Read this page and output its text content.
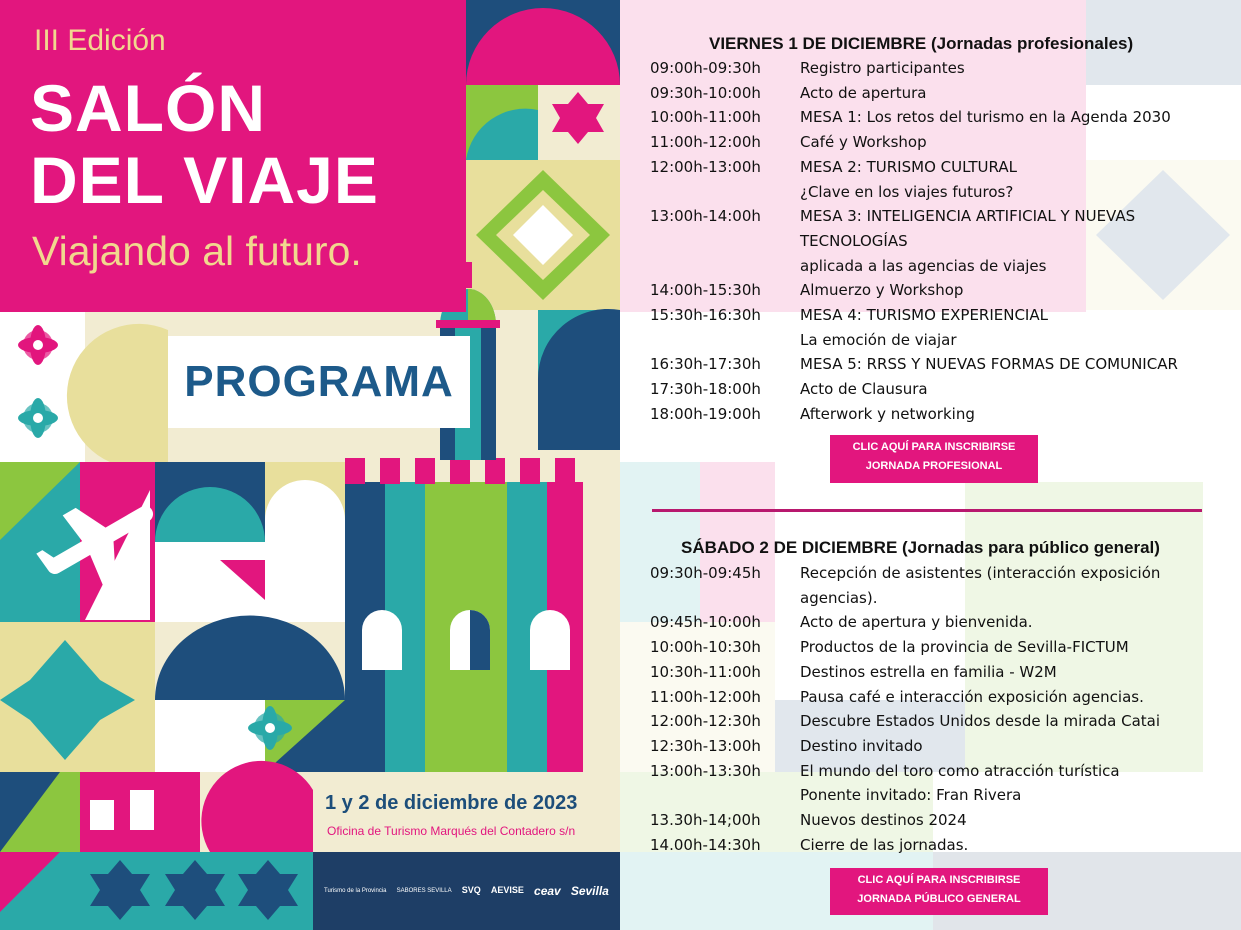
III Edición
SALÓN
DEL VIAJE
Viajando al futuro.
PROGRAMA
1 y 2 de diciembre de 2023
Oficina de Turismo Marqués del Contadero s/n
Turismo de la Provincia SABORES SEVILLA SVQ AEVISE ceav Sevilla
VIERNES 1 DE DICIEMBRE (Jornadas profesionales)
09:00h-09:30h	Registro participantes
09:30h-10:00h	Acto de apertura
10:00h-11:00h	MESA 1: Los retos del turismo en la Agenda 2030
11:00h-12:00h	Café y Workshop
12:00h-13:00h	MESA 2: TURISMO CULTURAL
¿Clave en los viajes futuros?
13:00h-14:00h	MESA 3: INTELIGENCIA ARTIFICIAL Y NUEVAS TECNOLOGÍAS
aplicada a las agencias de viajes
14:00h-15:30h	Almuerzo y Workshop
15:30h-16:30h	MESA 4: TURISMO EXPERIENCIAL
La emoción de viajar
16:30h-17:30h	MESA 5: RRSS Y NUEVAS FORMAS DE COMUNICAR
17:30h-18:00h	Acto de Clausura
18:00h-19:00h	Afterwork y networking
CLIC AQUÍ PARA INSCRIBIRSE
JORNADA PROFESIONAL
SÁBADO 2 DE DICIEMBRE (Jornadas para público general)
09:30h-09:45h	Recepción de asistentes (interacción exposición agencias).
09:45h-10:00h	Acto de apertura y bienvenida.
10:00h-10:30h	Productos de la provincia de Sevilla-FICTUM
10:30h-11:00h	Destinos estrella en familia - W2M
11:00h-12:00h	Pausa café e interacción exposición agencias.
12:00h-12:30h	Descubre Estados Unidos desde la mirada Catai
12:30h-13:00h	Destino invitado
13:00h-13:30h	El mundo del toro como atracción turística
Ponente invitado: Fran Rivera
13.30h-14;00h	Nuevos destinos 2024
14.00h-14:30h	Cierre de las jornadas.
CLIC AQUÍ PARA INSCRIBIRSE
JORNADA PÚBLICO GENERAL
